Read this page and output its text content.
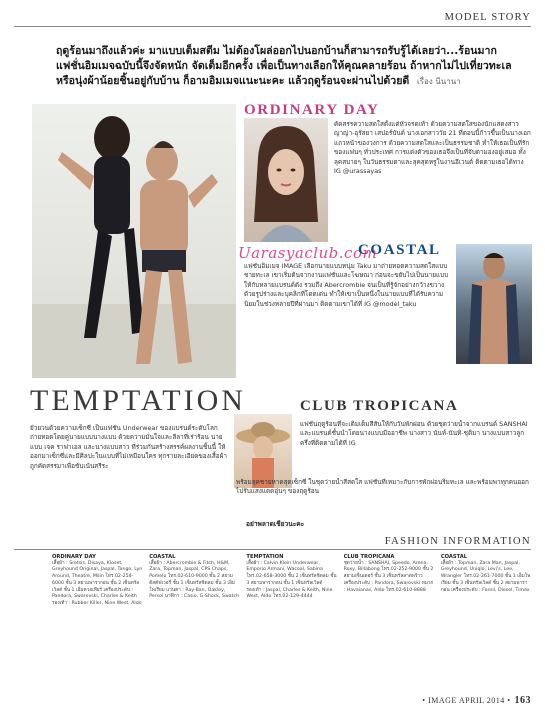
MODEL STORY
ฤดูร้อนมาถึงแล้วค่ะ มาแบบเต็มสตีม ไม่ต้องโผล่ออกไปนอกบ้านก็สามารถรับรู้ได้เลยว่า...ร้อนมาก แฟชั่นอิมเมจฉบับนี้จึงจัดหนัก จัดเต็มอีกครั้ง เพื่อเป็นทางเลือกให้คุณคลายร้อน ถ้าหากไม่ไปเที่ยวทะเล หรือนุ่งผ้าน้อยชิ้นอยู่กับบ้าน ก็อามอิมเมจแนะนะคะ แล้วฤดูร้อนจะผ่านไปด้วยดี เรื่อง นีนานา
ORDINARY DAY
คัดสรรความสดใสตั้งแต่หัวจรดเท้า ด้วยความสดใสของนักแสดงสาว ญาญ่า-อุรัสยา เสปอร์บันด์ นางเอกสาววัย 21 ที่ตอนนี้ก้าวขึ้นเป็นนางเอกแถวหน้าของวงการ ด้วยความสดใสและเป็นธรรมชาติ ทำให้เธอเป็นที่รักของแฟนๆ ทั่วประเทศ การแต่งตัวของเธอจึงเป็นที่จับตามองอยู่เสมอ ทั้งลุคสบายๆ ในวันธรรมดาและลุคสุดหรูในงานอีเวนต์ ติดตามเธอได้ทาง IG @urassayas
Uarasyaclub.com
COASTAL
แฟชั่นอิมเมจ IMAGE เลือกนายแบบหนุ่ม Taku มาถ่ายทอดความสดใสแบบชายทะเล เขาเริ่มต้นจากงานแฟชั่นและโฆษณา ก่อนจะขยับไปเป็นนายแบบให้กับหลายแบรนด์ดัง รวมถึง Abercrombie จนเป็นที่รู้จักอย่างกว้างขวาง ด้วยรูปร่างและบุคลิกที่โดดเด่น ทำให้เขาเป็นหนึ่งในนายแบบที่ได้รับความนิยมในช่วงหลายปีที่ผ่านมา ติดตามเขาได้ที่ IG @model_taku
TEMPTATION
ยั่วยวนด้วยความเซ็กซี่ เป็นแฟชั่น Underwear ของแบรนด์ระดับโลก ถ่ายทอดโดยคู่นายแบบนางแบบ ด้วยความมั่นใจและลีลาที่เร่าร้อน นายแบบ เจค ราฟาเอล และนางแบบสาว ที่ร่วมกันสร้างสรรค์ผลงานชิ้นนี้ ให้ออกมาเซ็กซี่และมีศิลปะในแบบที่ไม่เหมือนใคร ทุกรายละเอียดของเสื้อผ้าถูกคัดสรรมาเพื่อขับเน้นสรีระ
CLUB TROPICANA
แฟชั่นฤดูร้อนที่จะเติมเต็มสีสันให้กับวันพักผ่อน ด้วยชุดว่ายน้ำจากแบรนด์ SANSHAI และแบรนด์ชั้นนำโดยนางแบบมืออาชีพ นางสาว นันท์-นันทิ-ชุติมา นางแบบสาวลูกครึ่งที่ติดตามได้ที่ IG
พร้อมลุคชายหาดสุดเซ็กซี่ ในชุดว่ายน้ำสีสดใส แฟชั่นที่เหมาะกับการพักผ่อนริมทะเล และพร้อมพาทุกคนออกไปรับแสงแดดอุ่นๆ ของฤดูร้อน
อย่าพลาดเชียวนะคะ
FASHION INFORMATION
ORDINARY DAY
เสื้อผ้า : Sretsis, Disaya, Kloset, Greyhound Original, Jaspal, Tango, Lyn Around, Theatre, Milin โทร.02-254-6000 ชั้น 3 สยามพารากอน ชั้น 2 เซ็นทรัลเวิลด์ ชั้น 1 เอ็มควอเทียร์ เครื่องประดับ : Pandora, Swarovski, Charles & Keith รองเท้า : Rubber Killer, Nine West, Aldo
COASTAL
เสื้อผ้า : Abercrombie & Fitch, H&M, Zara, Topman, Jaspal, CPS Chaps, Pomelo โทร.02-610-9000 ชั้น 2 สยามดิสคัฟเวอรี่ ชั้น 1 เซ็นทรัลชิดลม ชั้น 3 เอ็มโพเรียม แว่นตา : Ray-Ban, Oakley, Persol นาฬิกา : Casio, G-Shock, Swatch
TEMPTATION
เสื้อผ้า : Calvin Klein Underwear, Emporio Armani, Wacoal, Sabina โทร.02-658-3000 ชั้น 2 เซ็นทรัลชิดลม ชั้น 3 สยามพารากอน ชั้น 1 เซ็นทรัลเวิลด์ รองเท้า : Jaspal, Charles & Keith, Nine West, Aldo โทร.02-129-4444
CLUB TROPICANA
ชุดว่ายน้ำ : SANSHAI, Speedo, Arena, Roxy, Billabong โทร.02-252-9000 ชั้น 2 สยามเซ็นเตอร์ ชั้น 3 เซ็นทรัลลาดพร้าว เครื่องประดับ : Pandora, Swarovski หมวก : Havaianas, Aldo โทร.02-610-8888
COASTAL
เสื้อผ้า : Topman, Zara Man, Jaspal, Greyhound, Uniqlo, Levi's, Lee, Wrangler โทร.02-261-7000 ชั้น 1 เอ็มโพเรียม ชั้น 3 เซ็นทรัลเวิลด์ ชั้น 2 สยามพารากอน เครื่องประดับ : Fossil, Diesel, Timex
• IMAGE APRIL 2014 • 163
